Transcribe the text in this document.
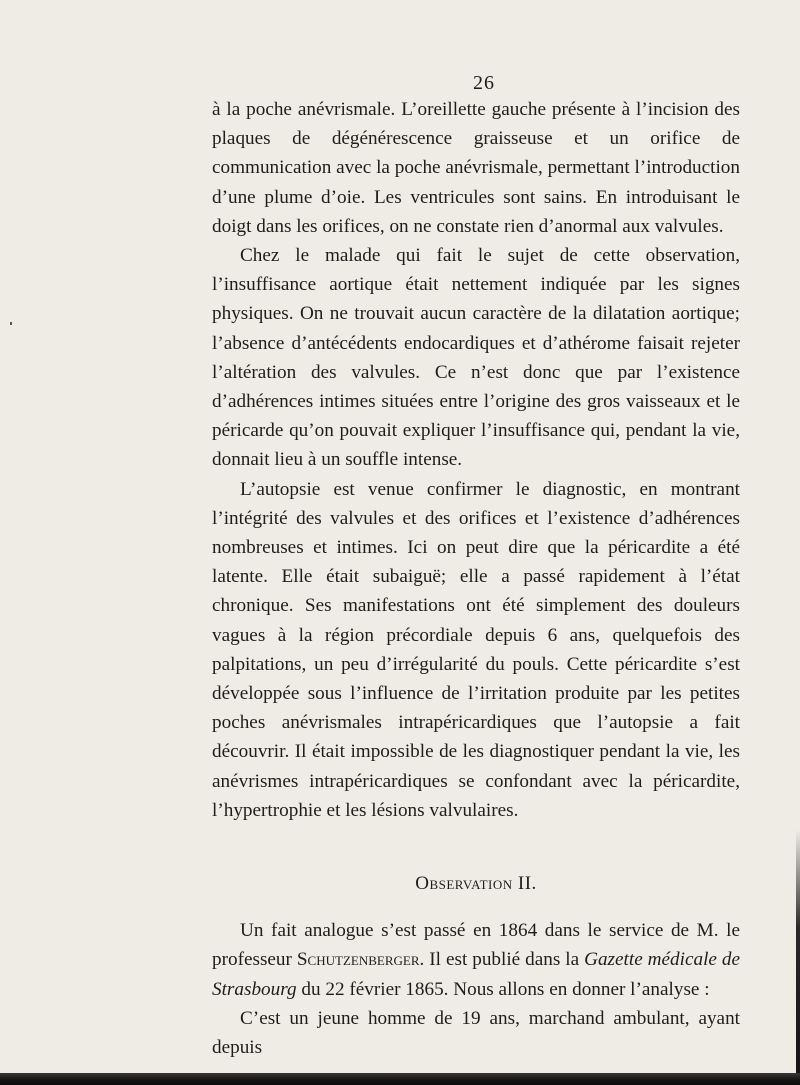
26

à la poche anévrismale. L’oreillette gauche présente à l’incision des plaques de dégénérescence graisseuse et un orifice de communication avec la poche anévrismale, permettant l’introduction d’une plume d’oie. Les ventricules sont sains. En introduisant le doigt dans les orifices, on ne constate rien d’anormal aux valvules.

Chez le malade qui fait le sujet de cette observation, l’insuffisance aortique était nettement indiquée par les signes physiques. On ne trouvait aucun caractère de la dilatation aortique; l’absence d’antécédents endocardiques et d’athérome faisait rejeter l’altération des valvules. Ce n’est donc que par l’existence d’adhérences intimes situées entre l’origine des gros vaisseaux et le péricarde qu’on pouvait expliquer l’insuffisance qui, pendant la vie, donnait lieu à un souffle intense.

L’autopsie est venue confirmer le diagnostic, en montrant l’intégrité des valvules et des orifices et l’existence d’adhérences nombreuses et intimes. Ici on peut dire que la péricardite a été latente. Elle était subaiguë; elle a passé rapidement à l’état chronique. Ses manifestations ont été simplement des douleurs vagues à la région précordiale depuis 6 ans, quelquefois des palpitations, un peu d’irrégularité du pouls. Cette péricardite s’est développée sous l’influence de l’irritation produite par les petites poches anévrismales intrapéricardiques que l’autopsie a fait découvrir. Il était impossible de les diagnostiquer pendant la vie, les anévrismes intrapéricardiques se confondant avec la péricardite, l’hypertrophie et les lésions valvulaires.

Observation II.

Un fait analogue s’est passé en 1864 dans le service de M. le professeur Schutzenberger. Il est publié dans la Gazette médicale de Strasbourg du 22 février 1865. Nous allons en donner l’analyse :

C’est un jeune homme de 19 ans, marchand ambulant, ayant depuis
